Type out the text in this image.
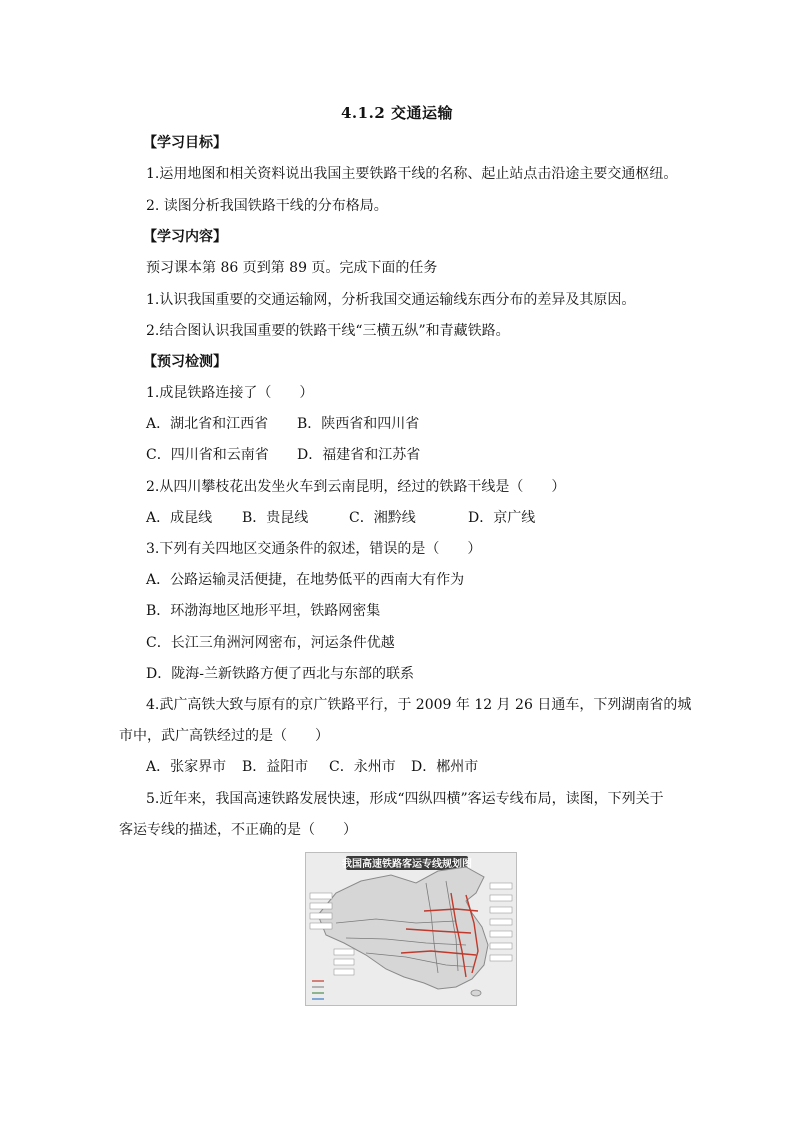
4.1.2 交通运输
【学习目标】
1.运用地图和相关资料说出我国主要铁路干线的名称、起止站点击沿途主要交通枢纽。
2. 读图分析我国铁路干线的分布格局。
【学习内容】
预习课本第 86 页到第 89 页。完成下面的任务
1.认识我国重要的交通运输网，分析我国交通运输线东西分布的差异及其原因。
2.结合图认识我国重要的铁路干线“三横五纵”和青藏铁路。
【预习检测】
1.成昆铁路连接了（　　）
A．湖北省和江西省 B．陕西省和四川省
C．四川省和云南省 D．福建省和江苏省
2.从四川攀枝花出发坐火车到云南昆明，经过的铁路干线是（　　）
A．成昆线 B．贵昆线	C．湘黔线	D．京广线
3.下列有关四地区交通条件的叙述，错误的是（　　）
A．公路运输灵活便捷，在地势低平的西南大有作为
B．环渤海地区地形平坦，铁路网密集
C．长江三角洲河网密布，河运条件优越
D．陇海-兰新铁路方便了西北与东部的联系
4.武广高铁大致与原有的京广铁路平行，于 2009 年 12 月 26 日通车，下列湖南省的城
市中，武广高铁经过的是（　　）
A．张家界市 B．益阳市 C．永州市 D．郴州市
5.近年来，我国高速铁路发展快速，形成“四纵四横”客运专线布局，读图，下列关于
客运专线的描述，不正确的是（　　）
我国高速铁路客运专线规划图
